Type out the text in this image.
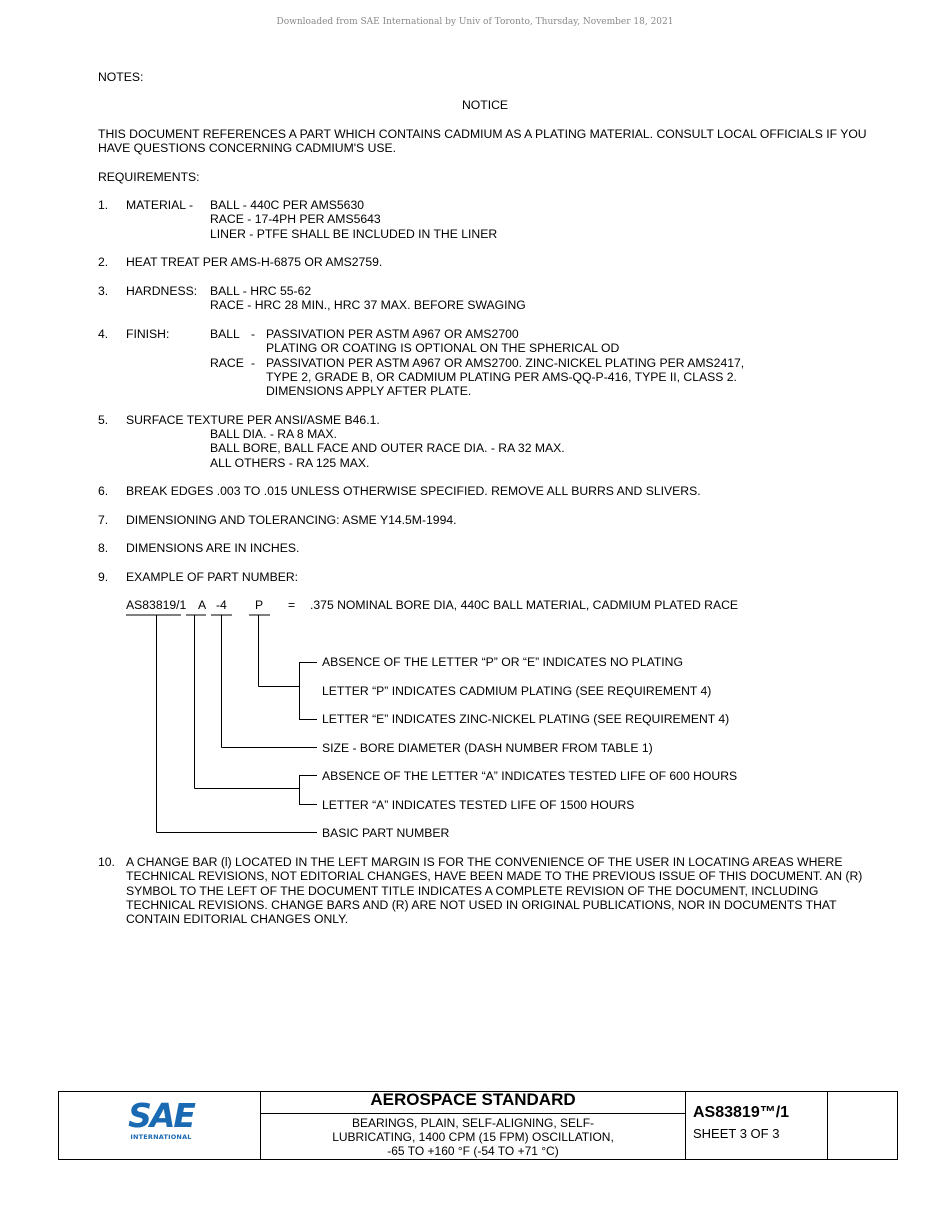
Downloaded from SAE International by Univ of Toronto, Thursday, November 18, 2021
NOTES:
NOTICE
THIS DOCUMENT REFERENCES A PART WHICH CONTAINS CADMIUM AS A PLATING MATERIAL. CONSULT LOCAL OFFICIALS IF YOU HAVE QUESTIONS CONCERNING CADMIUM'S USE.
REQUIREMENTS:
1. MATERIAL - BALL - 440C PER AMS5630
RACE - 17-4PH PER AMS5643
LINER - PTFE SHALL BE INCLUDED IN THE LINER
2. HEAT TREAT PER AMS-H-6875 OR AMS2759.
3. HARDNESS: BALL - HRC 55-62
RACE - HRC 28 MIN., HRC 37 MAX. BEFORE SWAGING
4. FINISH:	BALL - PASSIVATION PER ASTM A967 OR AMS2700
PLATING OR COATING IS OPTIONAL ON THE SPHERICAL OD
RACE - PASSIVATION PER ASTM A967 OR AMS2700. ZINC-NICKEL PLATING PER AMS2417,
TYPE 2, GRADE B, OR CADMIUM PLATING PER AMS-QQ-P-416, TYPE II, CLASS 2.
DIMENSIONS APPLY AFTER PLATE.
5. SURFACE TEXTURE PER ANSI/ASME B46.1.
BALL DIA. - RA 8 MAX.
BALL BORE, BALL FACE AND OUTER RACE DIA. - RA 32 MAX.
ALL OTHERS - RA 125 MAX.
6. BREAK EDGES .003 TO .015 UNLESS OTHERWISE SPECIFIED. REMOVE ALL BURRS AND SLIVERS.
7. DIMENSIONING AND TOLERANCING: ASME Y14.5M-1994.
8. DIMENSIONS ARE IN INCHES.
9. EXAMPLE OF PART NUMBER:
AS83819/1 A -4 P = .375 NOMINAL BORE DIA, 440C BALL MATERIAL, CADMIUM PLATED RACE
ABSENCE OF THE LETTER “P” OR “E” INDICATES NO PLATING
LETTER “P” INDICATES CADMIUM PLATING (SEE REQUIREMENT 4)
LETTER “E” INDICATES ZINC-NICKEL PLATING (SEE REQUIREMENT 4)
SIZE - BORE DIAMETER (DASH NUMBER FROM TABLE 1)
ABSENCE OF THE LETTER “A” INDICATES TESTED LIFE OF 600 HOURS
LETTER “A” INDICATES TESTED LIFE OF 1500 HOURS
BASIC PART NUMBER
10. A CHANGE BAR (l) LOCATED IN THE LEFT MARGIN IS FOR THE CONVENIENCE OF THE USER IN LOCATING AREAS WHERE TECHNICAL REVISIONS, NOT EDITORIAL CHANGES, HAVE BEEN MADE TO THE PREVIOUS ISSUE OF THIS DOCUMENT. AN (R) SYMBOL TO THE LEFT OF THE DOCUMENT TITLE INDICATES A COMPLETE REVISION OF THE DOCUMENT, INCLUDING TECHNICAL REVISIONS. CHANGE BARS AND (R) ARE NOT USED IN ORIGINAL PUBLICATIONS, NOR IN DOCUMENTS THAT CONTAIN EDITORIAL CHANGES ONLY.
SAE
INTERNATIONAL
AEROSPACE STANDARD
BEARINGS, PLAIN, SELF-ALIGNING, SELF-
LUBRICATING, 1400 CPM (15 FPM) OSCILLATION,
-65 TO +160 °F (-54 TO +71 °C)
AS83819™/1
SHEET 3 OF 3
